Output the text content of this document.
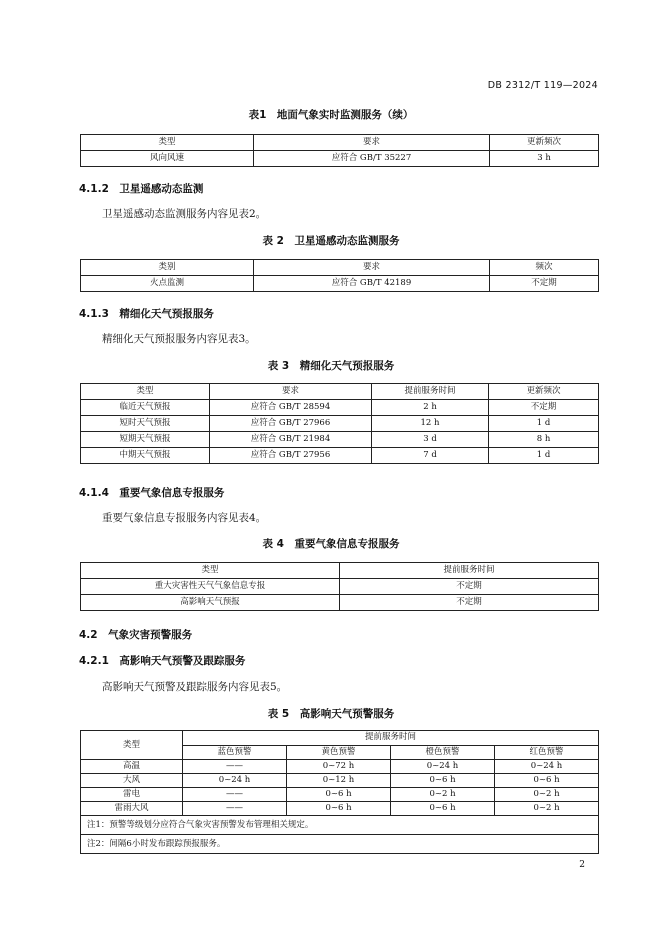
DB 2312/T 119—2024
表1　地面气象实时监测服务（续）
类型	要求	更新频次
风向风速	应符合 GB/T 35227	3 h
4.1.2　卫星遥感动态监测
卫星遥感动态监测服务内容见表2。
表 2　卫星遥感动态监测服务
类别	要求	频次
火点监测	应符合 GB/T 42189	不定期
4.1.3　精细化天气预报服务
精细化天气预报服务内容见表3。
表 3　精细化天气预报服务
类型	要求	提前服务时间	更新频次
临近天气预报	应符合 GB/T 28594	2 h	不定期
短时天气预报	应符合 GB/T 27966	12 h	1 d
短期天气预报	应符合 GB/T 21984	3 d	8 h
中期天气预报	应符合 GB/T 27956	7 d	1 d
4.1.4　重要气象信息专报服务
重要气象信息专报服务内容见表4。
表 4　重要气象信息专报服务
类型	提前服务时间
重大灾害性天气气象信息专报	不定期
高影响天气预报	不定期
4.2　气象灾害预警服务
4.2.1　高影响天气预警及跟踪服务
高影响天气预警及跟踪服务内容见表5。
表 5　高影响天气预警服务
类型	提前服务时间			
	蓝色预警	黄色预警	橙色预警	红色预警
高温	——	0~72 h	0~24 h	0~24 h
大风	0~24 h	0~12 h	0~6 h	0~6 h
雷电	——	0~6 h	0~2 h	0~2 h
雷雨大风	——	0~6 h	0~6 h	0~2 h
注1：预警等级划分应符合气象灾害预警发布管理相关规定。				
注2：间隔6小时发布跟踪预报服务。				
2
